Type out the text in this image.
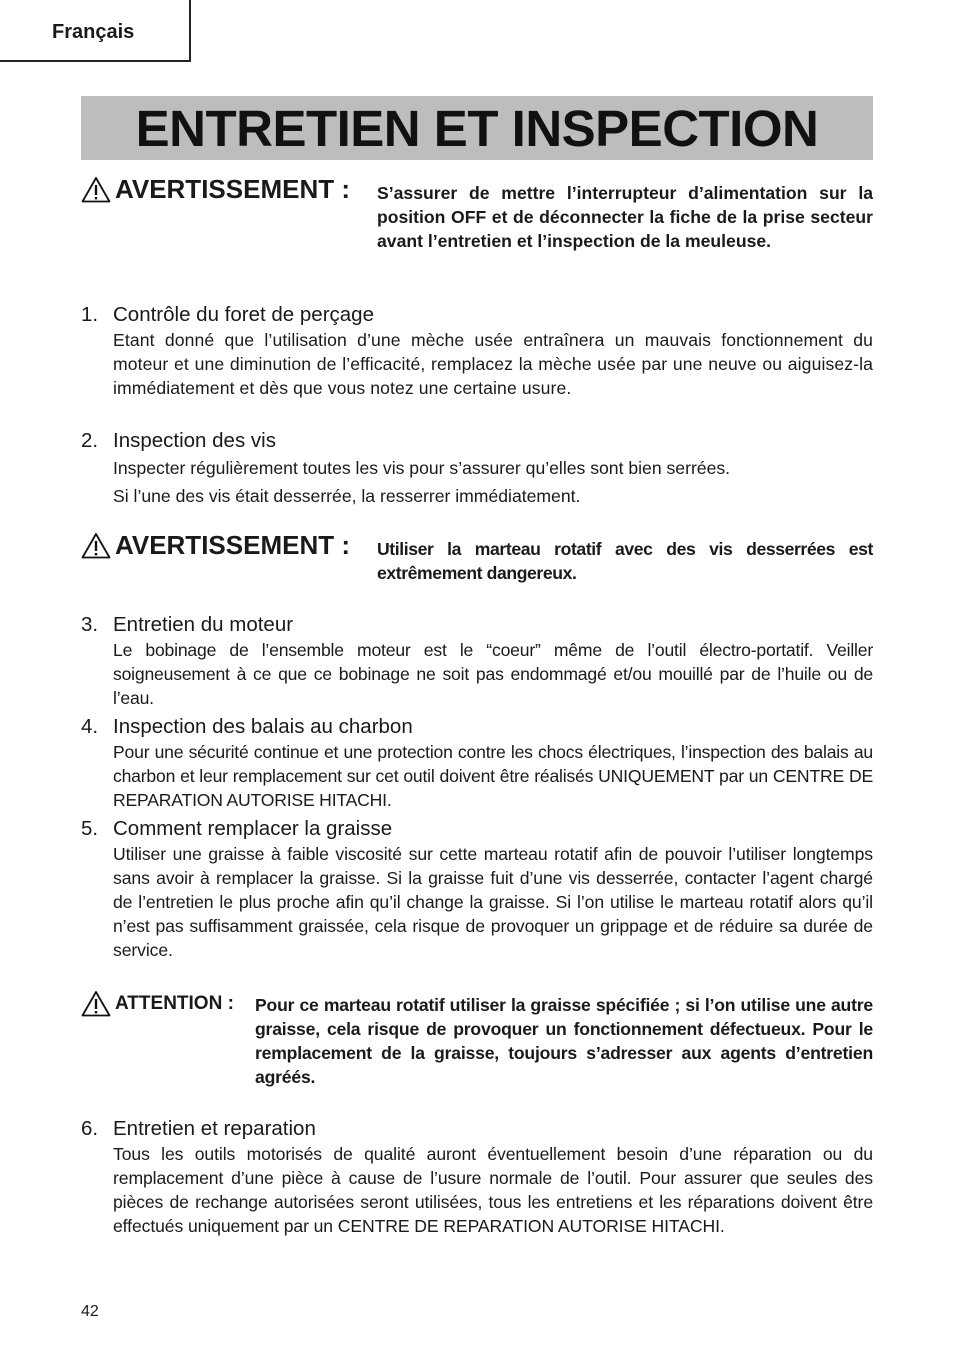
Français
ENTRETIEN ET INSPECTION
AVERTISSEMENT : S’assurer de mettre l’interrupteur d’alimentation sur la position OFF et de déconnecter la fiche de la prise secteur avant l’entretien et l’inspection de la meuleuse.
1. Contrôle du foret de perçage

Etant donné que l’utilisation d’une mèche usée entraînera un mauvais fonctionnement du moteur et une diminution de l’efficacité, remplacez la mèche usée par une neuve ou aiguisez-la immédiatement et dès que vous notez une certaine usure.

2. Inspection des vis

Inspecter régulièrement toutes les vis pour s’assurer qu’elles sont bien serrées.

Si l’une des vis était desserrée, la resserrer immédiatement.

AVERTISSEMENT : Utiliser la marteau rotatif avec des vis desserrées est extrêmement dangereux.
3. Entretien du moteur

Le bobinage de l’ensemble moteur est le “coeur” même de l’outil électro-portatif. Veiller soigneusement à ce que ce bobinage ne soit pas endommagé et/ou mouillé par de l’huile ou de l’eau.

4. Inspection des balais au charbon

Pour une sécurité continue et une protection contre les chocs électriques, l’inspection des balais au charbon et leur remplacement sur cet outil doivent être réalisés UNIQUEMENT par un CENTRE DE REPARATION AUTORISE HITACHI.

5. Comment remplacer la graisse

Utiliser une graisse à faible viscosité sur cette marteau rotatif afin de pouvoir l’utiliser longtemps sans avoir à remplacer la graisse. Si la graisse fuit d’une vis desserrée, contacter l’agent chargé de l’entretien le plus proche afin qu’il change la graisse. Si l’on utilise le marteau rotatif alors qu’il n’est pas suffisamment graissée, cela risque de provoquer un grippage et de réduire sa durée de service.

ATTENTION : Pour ce marteau rotatif utiliser la graisse spécifiée ; si l’on utilise une autre graisse, cela risque de provoquer un fonctionnement défectueux. Pour le remplacement de la graisse, toujours s’adresser aux agents d’entretien agréés.
6. Entretien et reparation

Tous les outils motorisés de qualité auront éventuellement besoin d’une réparation ou du remplacement d’une pièce à cause de l’usure normale de l’outil. Pour assurer que seules des pièces de rechange autorisées seront utilisées, tous les entretiens et les réparations doivent être effectués uniquement par un CENTRE DE REPARATION AUTORISE HITACHI.

42
